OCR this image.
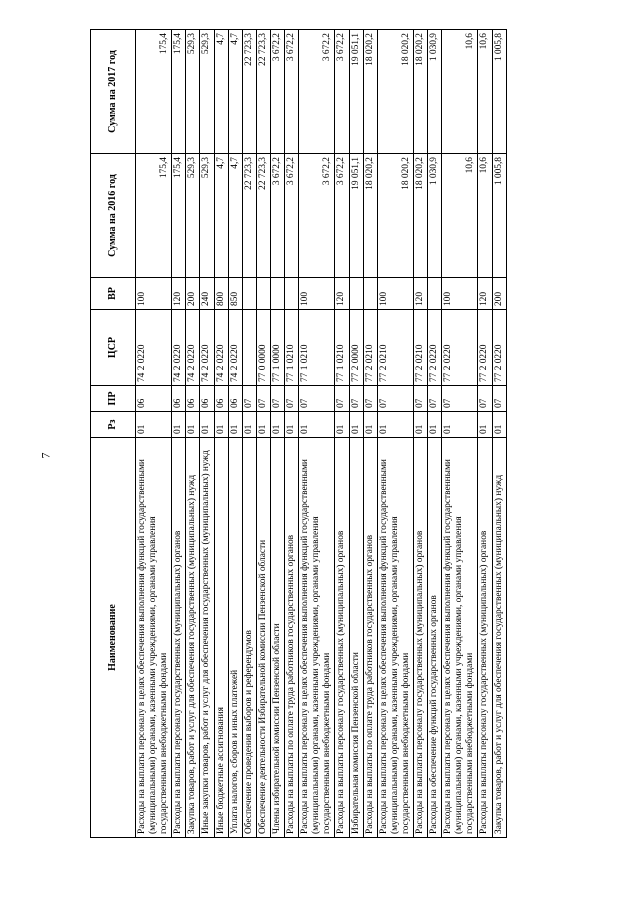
7
Наименование	Рз	ПР	ЦСР	ВР	Сумма на 2016 год	Сумма на 2017 год
Расходы на выплаты персоналу в целях обеспечения выполнения функций государственными (муниципальными) органами, казенными учреждениями, органами управления государственными внебюджетными фондами	01	06	74 2 0220	100	175,4	175,4
Расходы на выплаты персоналу государственных (муниципальных) органов	01	06	74 2 0220	120	175,4	175,4
Закупка товаров, работ и услуг для обеспечения государственных (муниципальных) нужд	01	06	74 2 0220	200	529,3	529,3
Иные закупки товаров, работ и услуг для обеспечения государственных (муниципальных) нужд	01	06	74 2 0220	240	529,3	529,3
Иные бюджетные ассигнования	01	06	74 2 0220	800	4,7	4,7
Уплата налогов, сборов и иных платежей	01	06	74 2 0220	850	4,7	4,7
Обеспечение проведения выборов и референдумов	01	07			22 723,3	22 723,3
Обеспечение деятельности Избирательной комиссии Пензенской области	01	07	77 0 0000		22 723,3	22 723,3
Члены избирательной комиссии Пензенской области	01	07	77 1 0000		3 672,2	3 672,2
Расходы на выплаты по оплате труда работников государственных органов	01	07	77 1 0210		3 672,2	3 672,2
Расходы на выплаты персоналу в целях обеспечения выполнения функций государственными (муниципальными) органами, казенными учреждениями, органами управления государственными внебюджетными фондами	01	07	77 1 0210	100	3 672,2	3 672,2
Расходы на выплаты персоналу государственных (муниципальных) органов	01	07	77 1 0210	120	3 672,2	3 672,2
Избирательная комиссия Пензенской области	01	07	77 2 0000		19 051,1	19 051,1
Расходы на выплаты по оплате труда работников государственных органов	01	07	77 2 0210		18 020,2	18 020,2
Расходы на выплаты персоналу в целях обеспечения выполнения функций государственными (муниципальными) органами, казенными учреждениями, органами управления государственными внебюджетными фондами	01	07	77 2 0210	100	18 020,2	18 020,2
Расходы на выплаты персоналу государственных (муниципальных) органов	01	07	77 2 0210	120	18 020,2	18 020,2
Расходы на обеспечение функций государственных органов	01	07	77 2 0220		1 030,9	1 030,9
Расходы на выплаты персоналу в целях обеспечения выполнения функций государственными (муниципальными) органами, казенными учреждениями, органами управления государственными внебюджетными фондами	01	07	77 2 0220	100	10,6	10,6
Расходы на выплаты персоналу государственных (муниципальных) органов	01	07	77 2 0220	120	10,6	10,6
Закупка товаров, работ и услуг для обеспечения государственных (муниципальных) нужд	01	07	77 2 0220	200	1 005,8	1 005,8
